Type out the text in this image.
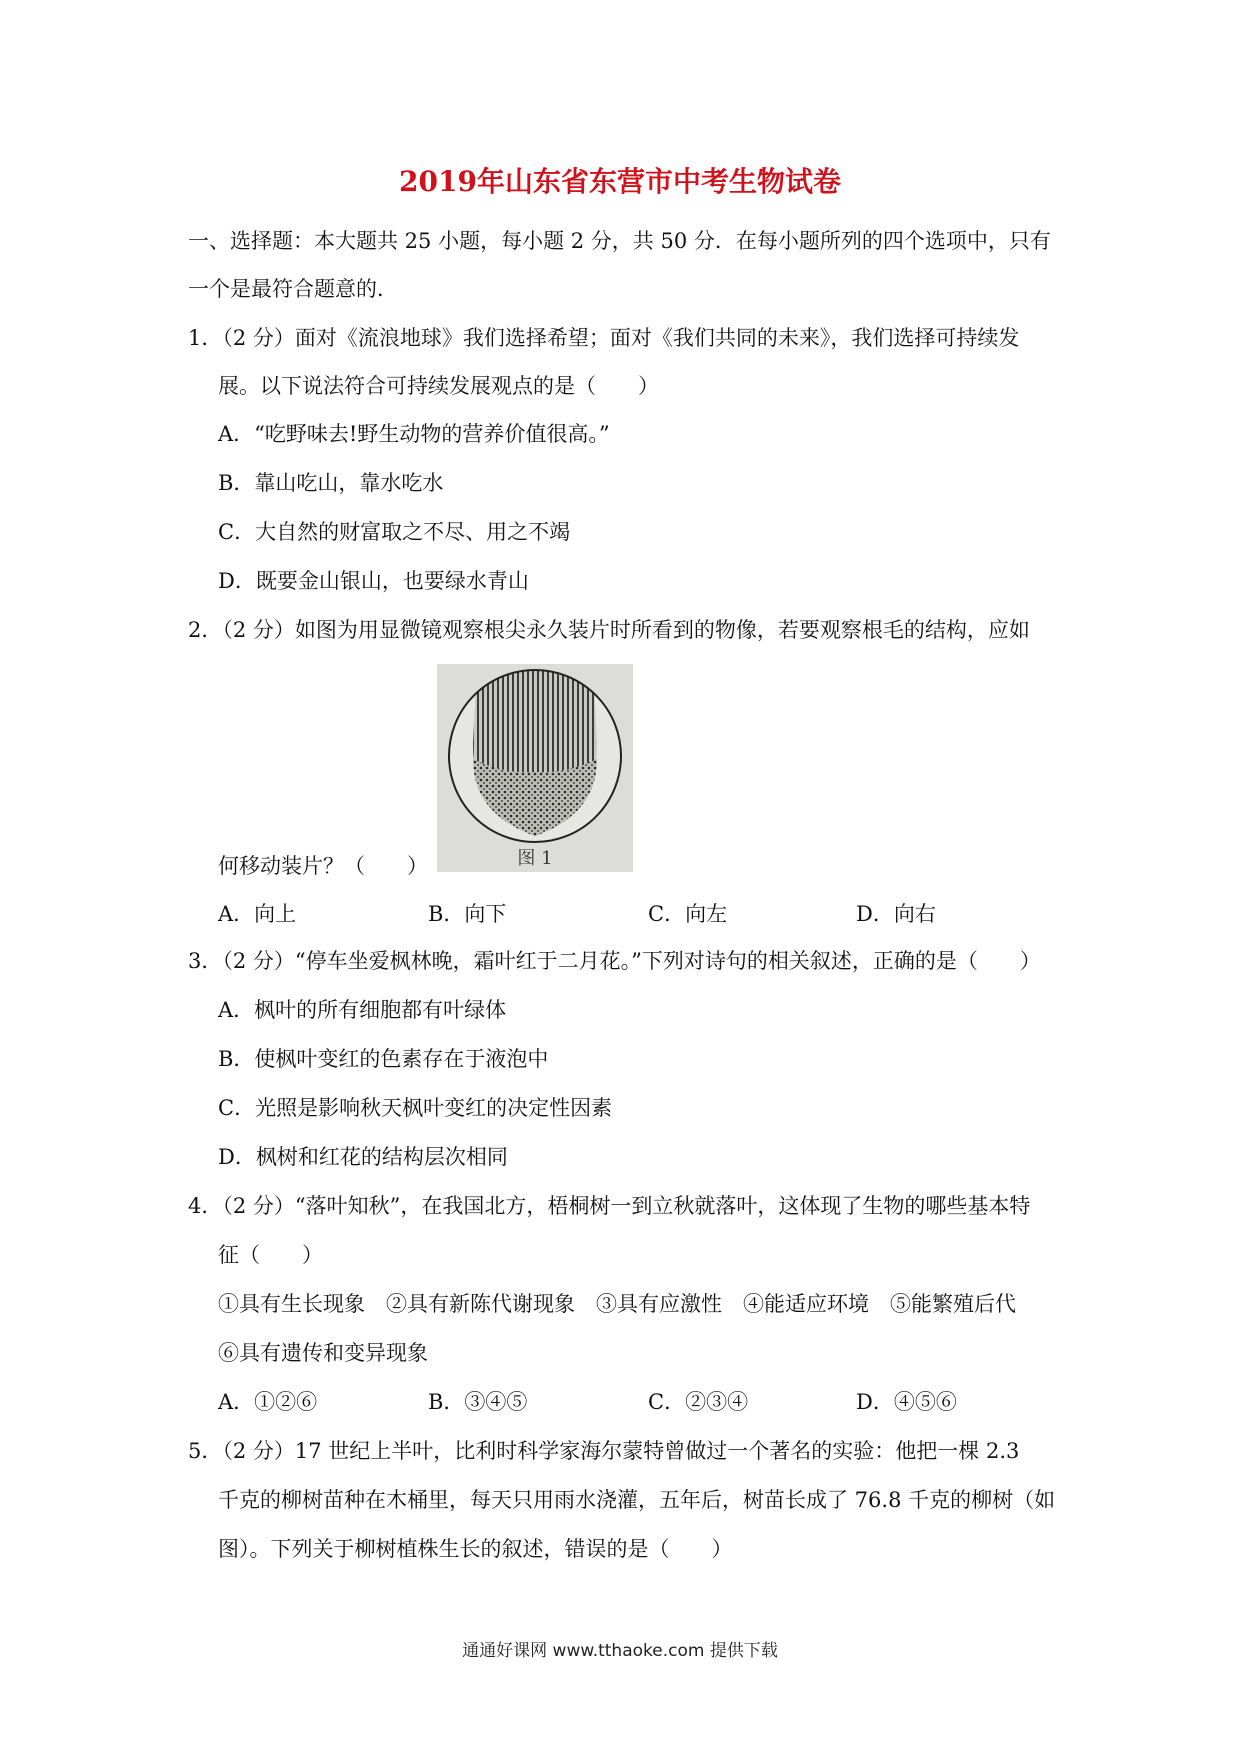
2019年山东省东营市中考生物试卷
一、选择题：本大题共 25 小题，每小题 2 分，共 50 分．在每小题所列的四个选项中，只有
一个是最符合题意的．
1．（2 分）面对《流浪地球》我们选择希望；面对《我们共同的未来》，我们选择可持续发
展。以下说法符合可持续发展观点的是（　　）
A．“吃野味去!野生动物的营养价值很高。”
B．靠山吃山，靠水吃水
C．大自然的财富取之不尽、用之不竭
D．既要金山银山，也要绿水青山
2．（2 分）如图为用显微镜观察根尖永久装片时所看到的物像，若要观察根毛的结构，应如
图 1
何移动装片？（　　）
A．向上	B．向下	C．向左	D．向右
3．（2 分）“停车坐爱枫林晚，霜叶红于二月花。”下列对诗句的相关叙述，正确的是（　　）
A．枫叶的所有细胞都有叶绿体
B．使枫叶变红的色素存在于液泡中
C．光照是影响秋天枫叶变红的决定性因素
D．枫树和红花的结构层次相同
4．（2 分）“落叶知秋”，在我国北方，梧桐树一到立秋就落叶，这体现了生物的哪些基本特
征（　　）
①具有生长现象　②具有新陈代谢现象　③具有应激性　④能适应环境　⑤能繁殖后代
⑥具有遗传和变异现象
A．①②⑥	B．③④⑤	C．②③④	D．④⑤⑥
5．（2 分）17 世纪上半叶，比利时科学家海尔蒙特曾做过一个著名的实验：他把一棵 2.3
千克的柳树苗种在木桶里，每天只用雨水浇灌，五年后，树苗长成了 76.8 千克的柳树（如
图）。下列关于柳树植株生长的叙述，错误的是（　　）
通通好课网 www.tthaoke.com 提供下载
